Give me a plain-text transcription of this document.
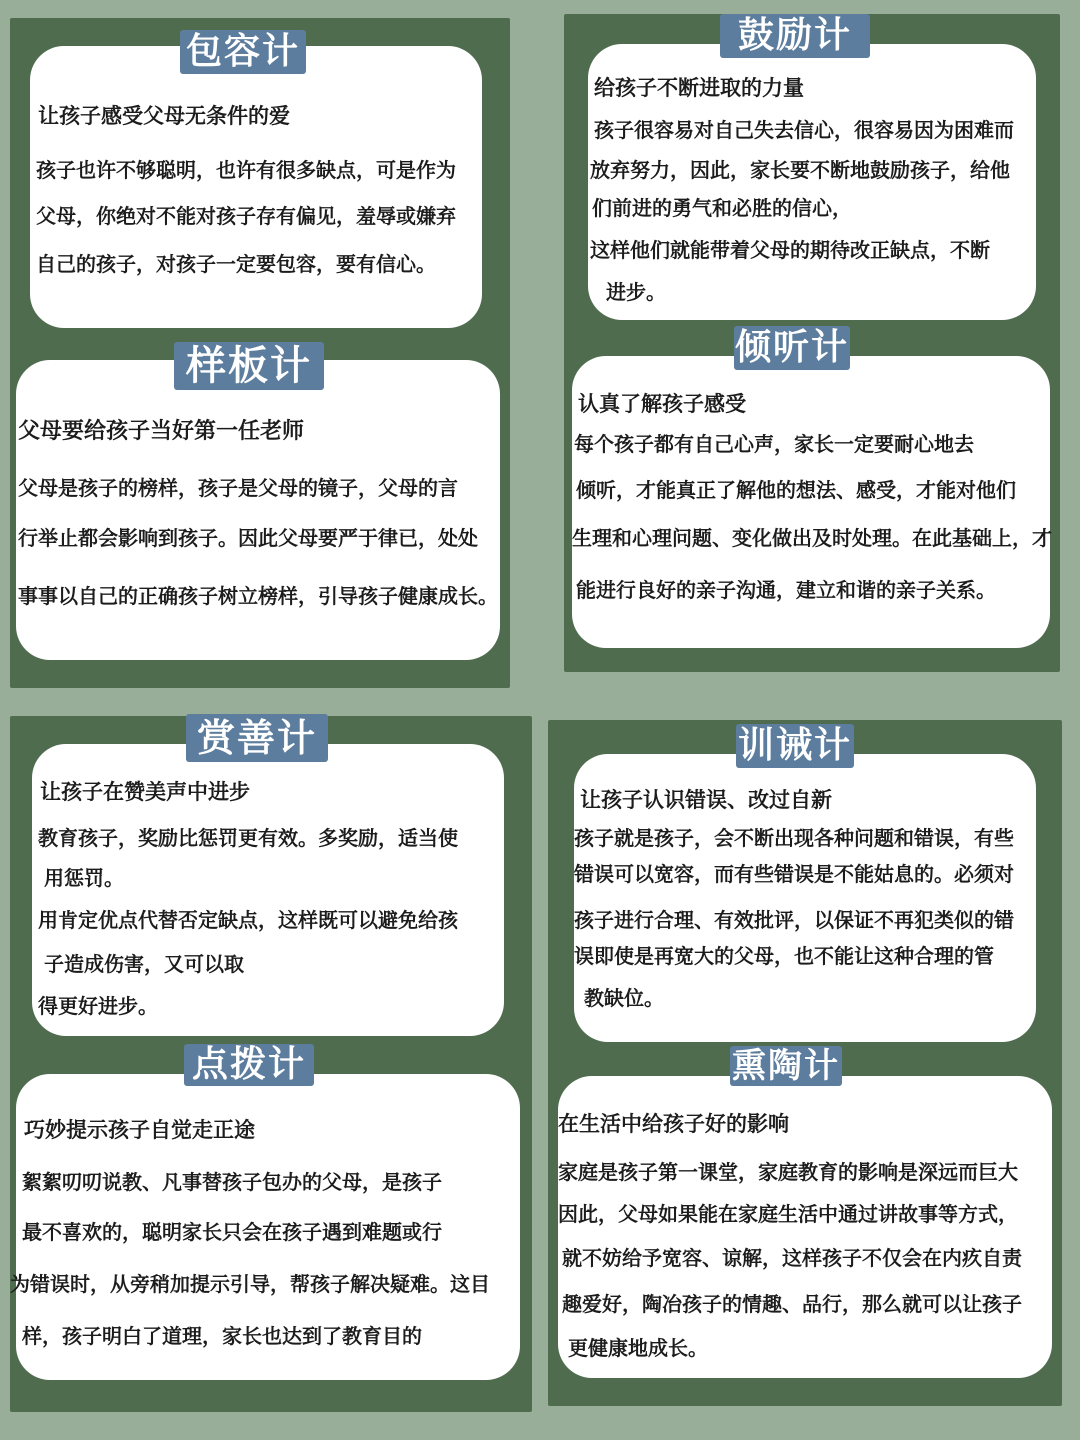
包容计
让孩子感受父母无条件的爱
孩子也许不够聪明，也许有很多缺点，可是作为
父母，你绝对不能对孩子存有偏见，羞辱或嫌弃
自己的孩子，对孩子一定要包容，要有信心。
鼓励计
给孩子不断进取的力量
孩子很容易对自己失去信心，很容易因为困难而
放弃努力，因此，家长要不断地鼓励孩子，给他
们前进的勇气和必胜的信心，
这样他们就能带着父母的期待改正缺点，不断
进步。
样板计
父母要给孩子当好第一任老师
父母是孩子的榜样，孩子是父母的镜子，父母的言
行举止都会影响到孩子。因此父母要严于律已，处处
事事以自己的正确孩子树立榜样，引导孩子健康成长。
倾听计
认真了解孩子感受
每个孩子都有自己心声，家长一定要耐心地去
倾听，才能真正了解他的想法、感受，才能对他们
生理和心理问题、变化做出及时处理。在此基础上，才
能进行良好的亲子沟通，建立和谐的亲子关系。
赏善计
让孩子在赞美声中进步
教育孩子，奖励比惩罚更有效。多奖励，适当使
用惩罚。
用肯定优点代替否定缺点，这样既可以避免给孩
子造成伤害，又可以取
得更好进步。
训诫计
让孩子认识错误、改过自新
孩子就是孩子，会不断出现各种问题和错误，有些
错误可以宽容，而有些错误是不能姑息的。必须对
孩子进行合理、有效批评，以保证不再犯类似的错
误即使是再宽大的父母，也不能让这种合理的管
教缺位。
点拨计
巧妙提示孩子自觉走正途
絮絮叨叨说教、凡事替孩子包办的父母，是孩子
最不喜欢的，聪明家长只会在孩子遇到难题或行
为错误时，从旁稍加提示引导，帮孩子解决疑难。这目
样，孩子明白了道理，家长也达到了教育目的
熏陶计
在生活中给孩子好的影响
家庭是孩子第一课堂，家庭教育的影响是深远而巨大
因此，父母如果能在家庭生活中通过讲故事等方式，
就不妨给予宽容、谅解，这样孩子不仅会在内疚自责
趣爱好，陶冶孩子的情趣、品行，那么就可以让孩子
更健康地成长。
